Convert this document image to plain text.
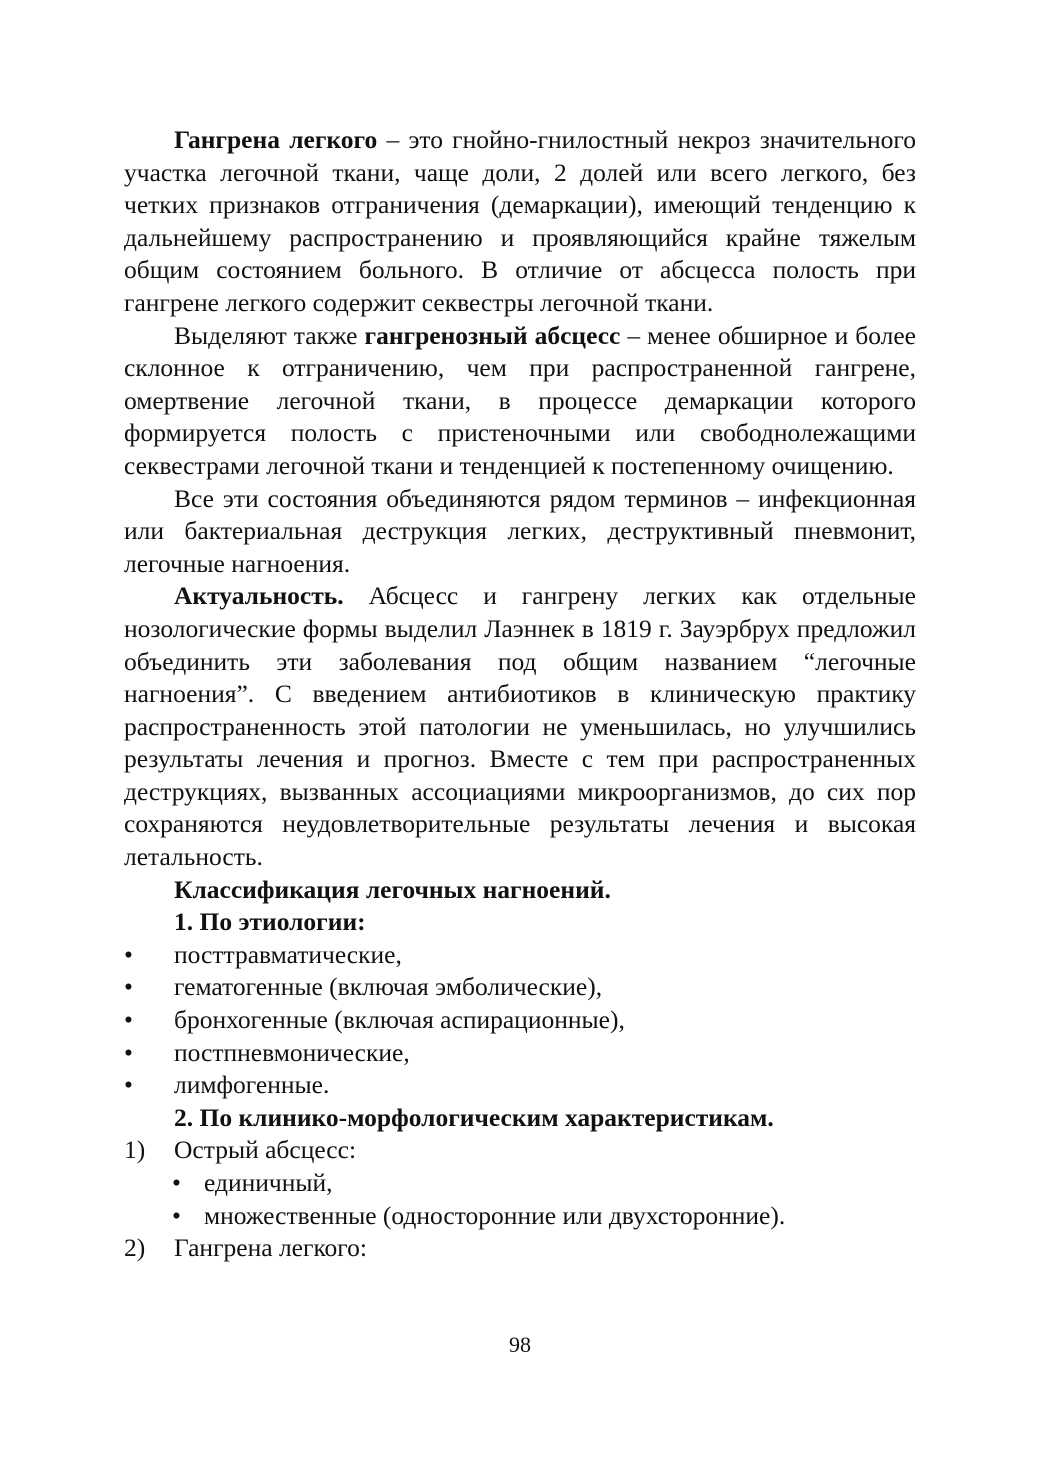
Гангрена легкого – это гнойно-гнилостный некроз значительного участка легочной ткани, чаще доли, 2 долей или всего легкого, без четких признаков отграничения (демаркации), имеющий тенденцию к дальнейшему распространению и проявляющийся крайне тяжелым общим состоянием больного. В отличие от абсцесса полость при гангрене легкого содержит секвестры легочной ткани.

Выделяют также гангренозный абсцесс – менее обширное и более склонное к отграничению, чем при распространенной гангрене, омертвение легочной ткани, в процессе демаркации которого формируется полость с пристеночными или свободнолежащими секвестрами легочной ткани и тенденцией к постепенному очищению.

Все эти состояния объединяются рядом терминов – инфекционная или бактериальная деструкция легких, деструктивный пневмонит, легочные нагноения.

Актуальность. Абсцесс и гангрену легких как отдельные нозологические формы выделил Лаэннек в 1819 г. Зауэрбрух предложил объединить эти заболевания под общим названием “легочные нагноения”. С введением антибиотиков в клиническую практику распространенность этой патологии не уменьшилась, но улучшились результаты лечения и прогноз. Вместе с тем при распространенных деструкциях, вызванных ассоциациями микроорганизмов, до сих пор сохраняются неудовлетворительные результаты лечения и высокая летальность.

Классификация легочных нагноений.

1. По этиологии:

•	посттравматические,
•	гематогенные (включая эмболические),
•	бронхогенные (включая аспирационные),
•	постпневмонические,
•	лимфогенные.

2. По клинико-морфологическим характеристикам.

1) Острый абсцесс:
• единичный,
• множественные (односторонние или двухсторонние).
2) Гангрена легкого:
98
